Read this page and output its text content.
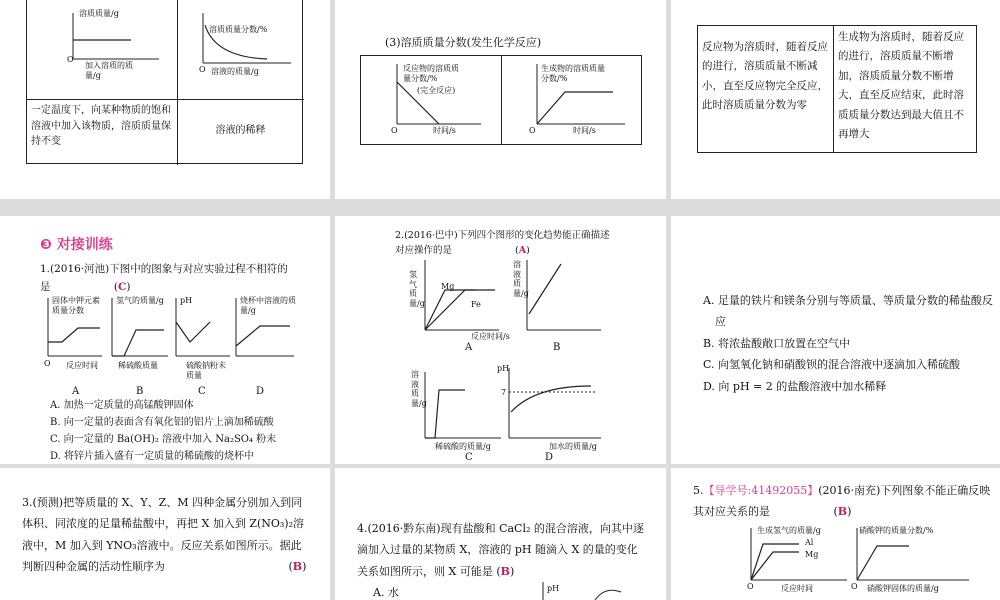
溶质质量/g
O
加入溶质的质量/g
溶质质量分数/%
O 溶液的质量/g
一定温度下，向某种物质的饱和溶液中加入该物质，溶质质量保持不变
溶液的稀释
(3)溶质质量分数(发生化学反应)
反应物的溶质质量分数/%
(完全反应)
O	时间/s
生成物的溶质质量分数/%
O	时间/s
反应物为溶质时，随着反应的进行，溶质质量不断减小，直至反应物完全反应，此时溶质质量分数为零
生成物为溶质时，随着反应的进行，溶质质量不断增加，溶质质量分数不断增大，直至反应结束，此时溶质质量分数达到最大值且不再增大
❸ 对接训练
1.(2016·河池)下图中的图象与对应实验过程不相符的是	(C)
固体中钾元素质量分数
氢气的质量/g pH	烧杯中溶液的质量/g
反应时间	稀硫酸质量	硫酸钠粉末质量
O
A	B	C	D
A. 加热一定质量的高锰酸钾固体
B. 向一定量的表面含有氧化铝的铝片上滴加稀硫酸
C. 向一定量的 Ba(OH)₂ 溶液中加入 Na₂SO₄ 粉末
D. 将锌片插入盛有一定质量的稀硫酸的烧杯中
2.(2016·巴中)下列四个图形的变化趋势能正确描述对应操作的是	(A)
氢气质量/g
Mg
Fe
反应时间/s
溶液质量/g
溶液质量/g
稀硫酸的质量/g
pH
7
加水的质量/g
A	B
C	D
A. 足量的铁片和镁条分别与等质量、等质量分数的稀盐酸反应
B. 将浓盐酸敞口放置在空气中
C. 向氢氧化钠和硝酸钡的混合溶液中逐滴加入稀硫酸
D. 向 pH = 2 的盐酸溶液中加水稀释
3.(预测)把等质量的 X、Y、Z、M 四种金属分别加入到同体积、同浓度的足量稀盐酸中，再把 X 加入到 Z(NO₃)₂溶液中，M 加入到 YNO₃溶液中。反应关系如图所示。据此判断四种金属的活动性顺序为	(B)
4.(2016·黔东南)现有盐酸和 CaCl₂ 的混合溶液，向其中逐滴加入过量的某物质 X，溶液的 pH 随滴入 X 的量的变化关系如图所示，则 X 可能是 (B)
A. 水	pH
5.【导学号:41492055】(2016·南充)下列图象不能正确反映其对应关系的是	(B)
生成氢气的质量/g
Al
Mg
O	反应时间
硝酸钾的质量分数/%
O 硝酸钾固体的质量/g
